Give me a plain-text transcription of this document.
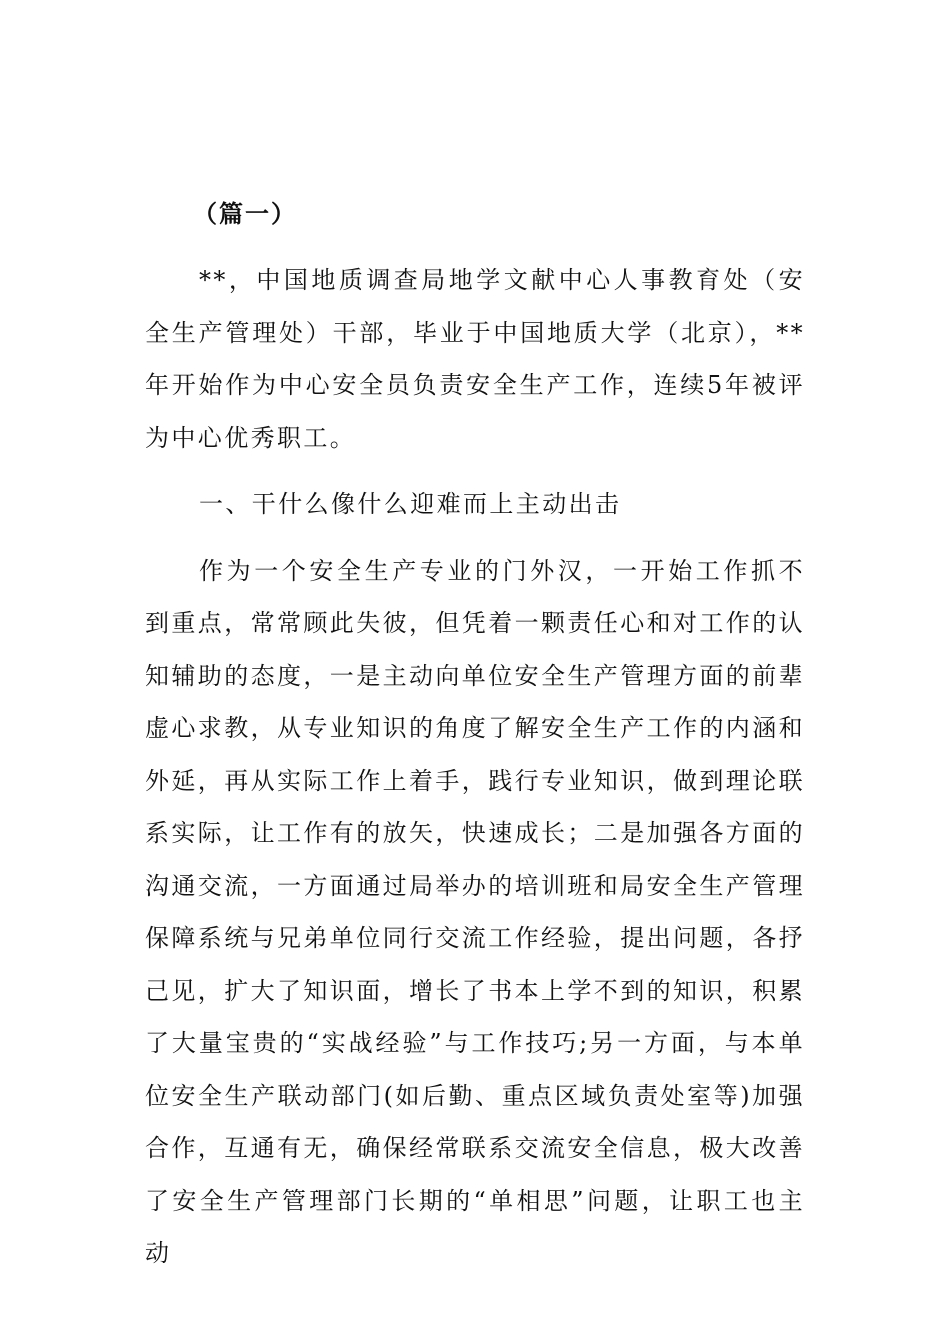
（篇一）

**，中国地质调查局地学文献中心人事教育处（安全生产管理处）干部，毕业于中国地质大学（北京），**年开始作为中心安全员负责安全生产工作，连续5年被评为中心优秀职工。

一、干什么像什么迎难而上主动出击

作为一个安全生产专业的门外汉，一开始工作抓不到重点，常常顾此失彼，但凭着一颗责任心和对工作的认知辅助的态度，一是主动向单位安全生产管理方面的前辈虚心求教，从专业知识的角度了解安全生产工作的内涵和外延，再从实际工作上着手，践行专业知识，做到理论联系实际，让工作有的放矢，快速成长；二是加强各方面的沟通交流，一方面通过局举办的培训班和局安全生产管理保障系统与兄弟单位同行交流工作经验，提出问题，各抒己见，扩大了知识面，增长了书本上学不到的知识，积累了大量宝贵的“实战经验”与工作技巧;另一方面，与本单位安全生产联动部门(如后勤、重点区域负责处室等)加强合作，互通有无，确保经常联系交流安全信息，极大改善了安全生产管理部门长期的“单相思”问题，让职工也主动
